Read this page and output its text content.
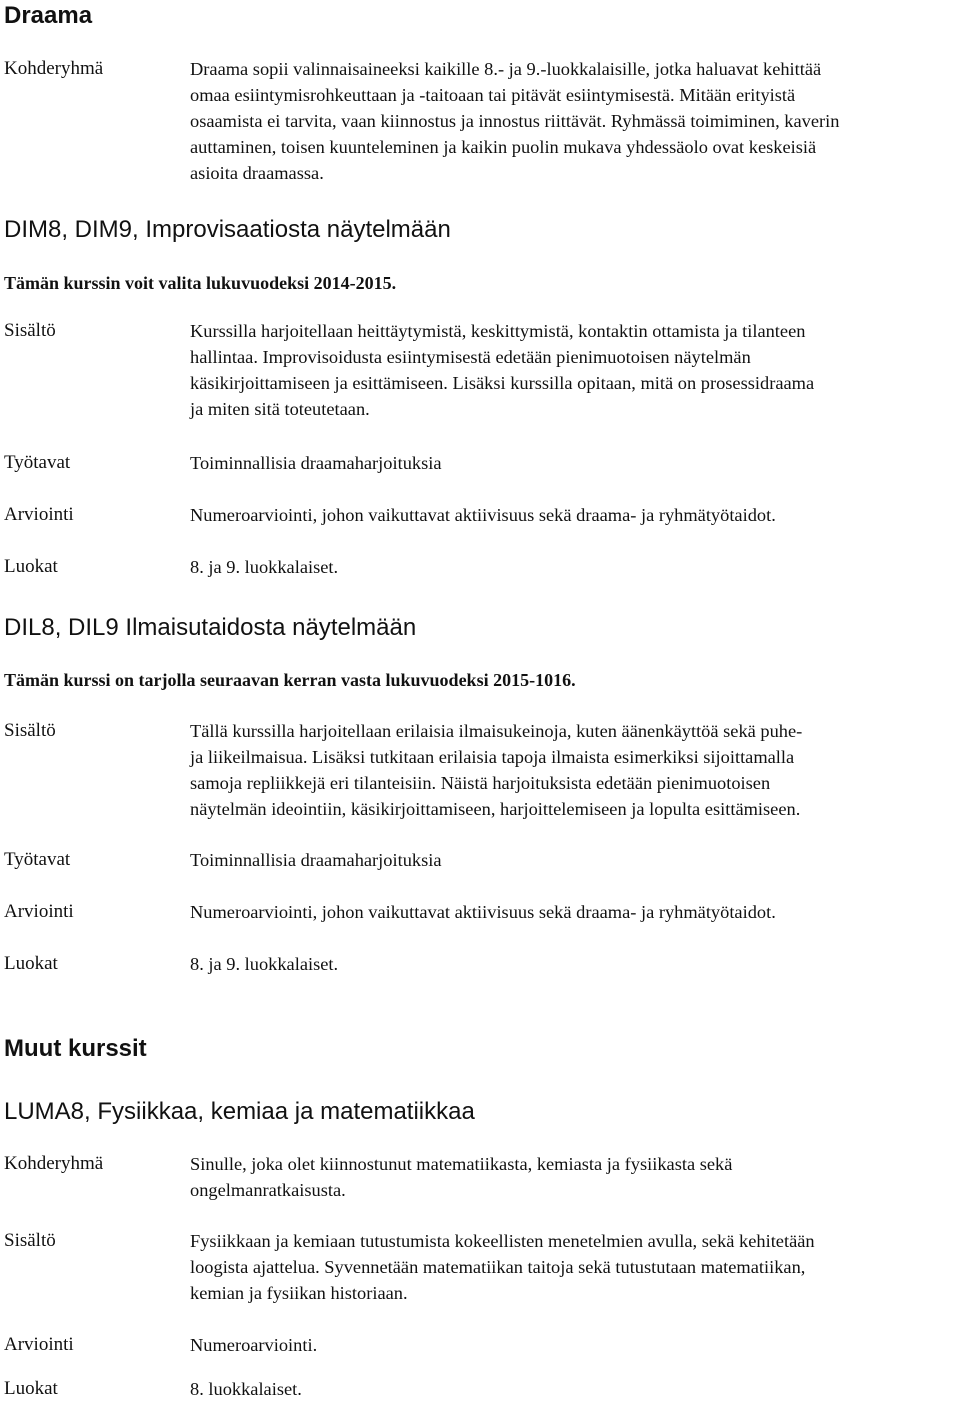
Draama
Kohderyhmä	Draama sopii valinnaisaineeksi kaikille 8.- ja 9.-luokkalaisille, jotka haluavat kehittää
omaa esiintymisrohkeuttaan ja -taitoaan tai pitävät esiintymisestä. Mitään erityistä
osaamista ei tarvita, vaan kiinnostus ja innostus riittävät. Ryhmässä toimiminen, kaverin
auttaminen, toisen kuunteleminen ja kaikin puolin mukava yhdessäolo ovat keskeisiä
asioita draamassa.
DIM8, DIM9, Improvisaatiosta näytelmään
Tämän kurssin voit valita lukuvuodeksi 2014-2015.
Sisältö	Kurssilla harjoitellaan heittäytymistä, keskittymistä, kontaktin ottamista ja tilanteen
hallintaa. Improvisoidusta esiintymisestä edetään pienimuotoisen näytelmän
käsikirjoittamiseen ja esittämiseen. Lisäksi kurssilla opitaan, mitä on prosessidraama
ja miten sitä toteutetaan.
Työtavat	Toiminnallisia draamaharjoituksia
Arviointi	Numeroarviointi, johon vaikuttavat aktiivisuus sekä draama- ja ryhmätyötaidot.
Luokat	8. ja 9. luokkalaiset.
DIL8, DIL9 Ilmaisutaidosta näytelmään
Tämän kurssi on tarjolla seuraavan kerran vasta lukuvuodeksi 2015-1016.
Sisältö	Tällä kurssilla harjoitellaan erilaisia ilmaisukeinoja, kuten äänenkäyttöä sekä puhe-
ja liikeilmaisua. Lisäksi tutkitaan erilaisia tapoja ilmaista esimerkiksi sijoittamalla
samoja repliikkejä eri tilanteisiin. Näistä harjoituksista edetään pienimuotoisen
näytelmän ideointiin, käsikirjoittamiseen, harjoittelemiseen ja lopulta esittämiseen.
Työtavat	Toiminnallisia draamaharjoituksia
Arviointi	Numeroarviointi, johon vaikuttavat aktiivisuus sekä draama- ja ryhmätyötaidot.
Luokat	8. ja 9. luokkalaiset.
Muut kurssit
LUMA8, Fysiikkaa, kemiaa ja matematiikkaa
Kohderyhmä	Sinulle, joka olet kiinnostunut matematiikasta, kemiasta ja fysiikasta sekä
ongelmanratkaisusta.
Sisältö	Fysiikkaan ja kemiaan tutustumista kokeellisten menetelmien avulla, sekä kehitetään
loogista ajattelua. Syvennetään matematiikan taitoja sekä tutustutaan matematiikan,
kemian ja fysiikan historiaan.
Arviointi	Numeroarviointi.
Luokat	8. luokkalaiset.
